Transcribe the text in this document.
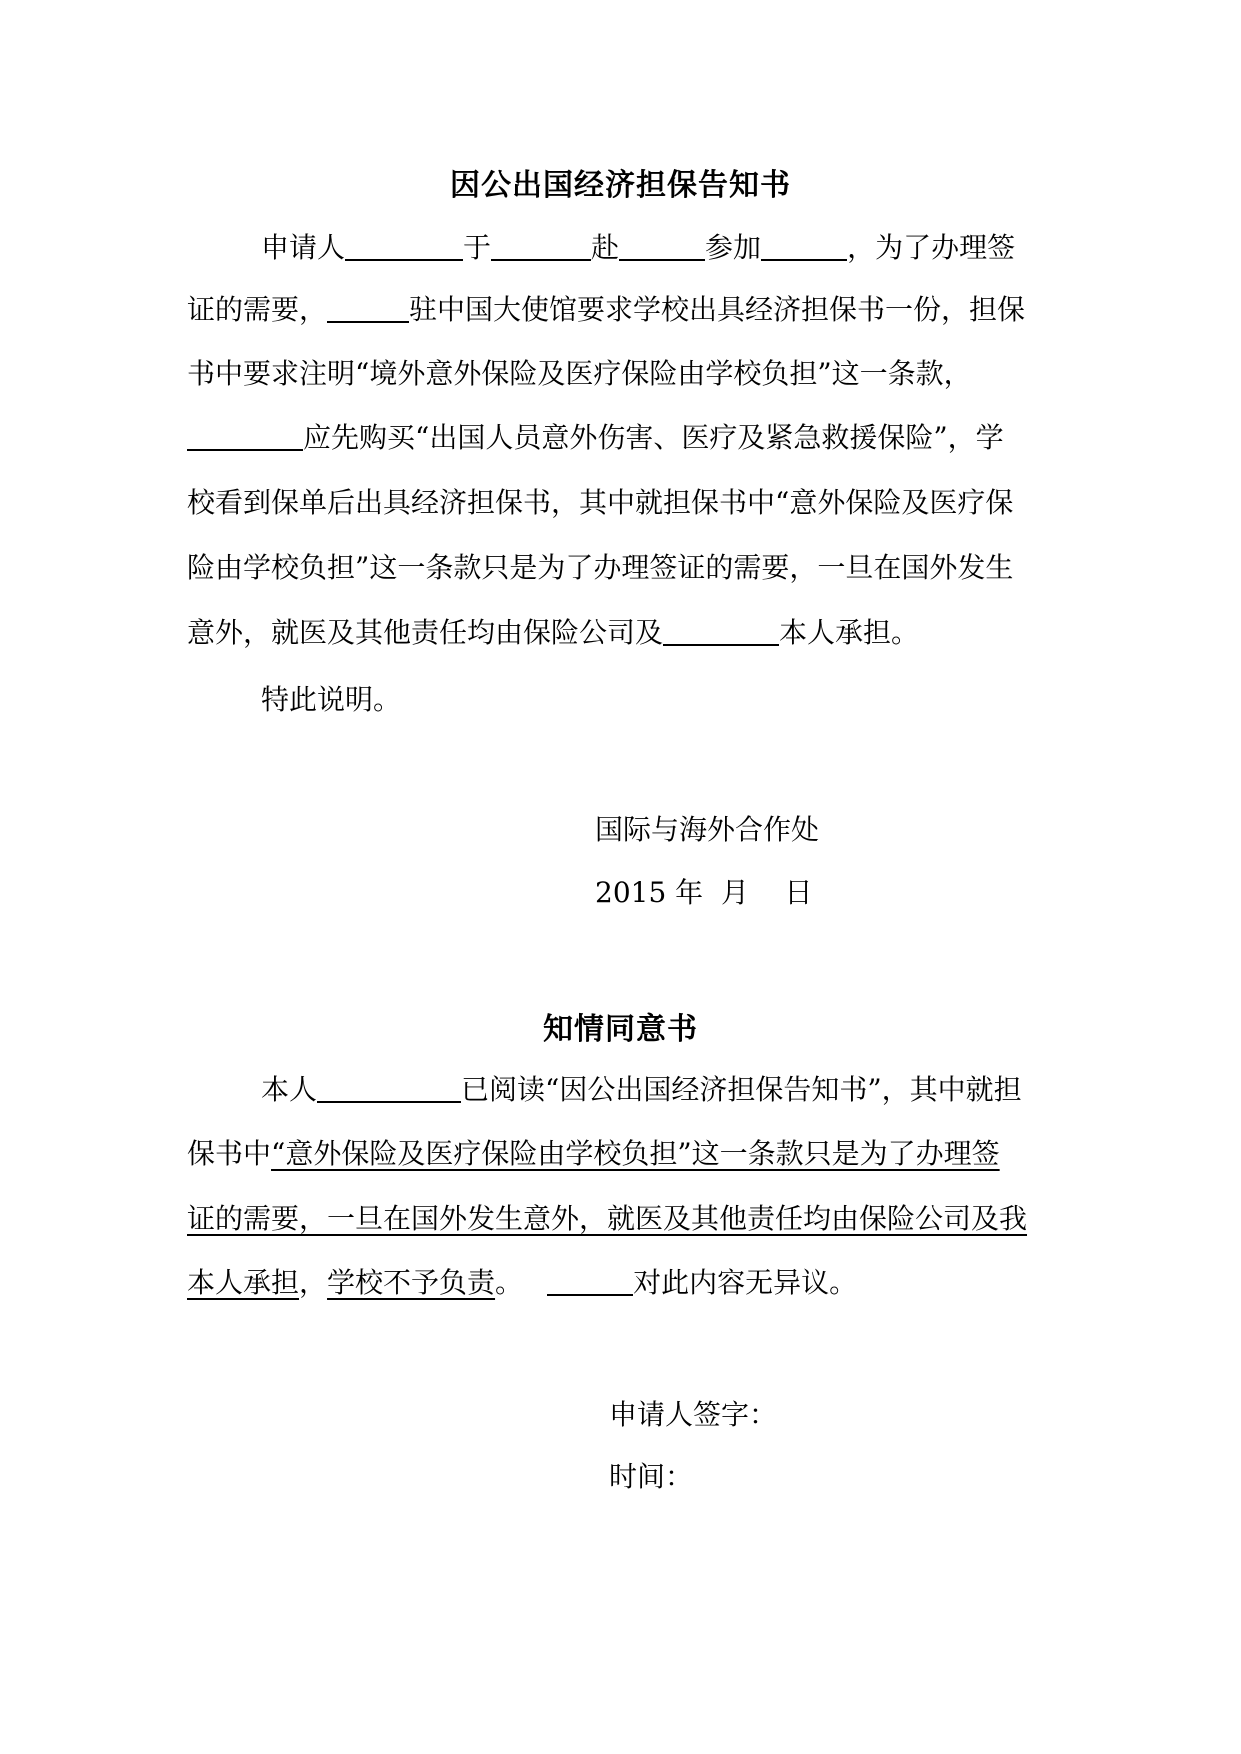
因公出国经济担保告知书
申请人	于	赴	参加	，为了办理签
证的需要，	驻中国大使馆要求学校出具经济担保书一份，担保
书中要求注明“境外意外保险及医疗保险由学校负担”这一条款，
应先购买“出国人员意外伤害、医疗及紧急救援保险”，学
校看到保单后出具经济担保书，其中就担保书中“意外保险及医疗保
险由学校负担”这一条款只是为了办理签证的需要，一旦在国外发生
意外，就医及其他责任均由保险公司及	本人承担。
特此说明。
国际与海外合作处
2015 年  月    日
知情同意书
本人	已阅读“因公出国经济担保告知书”，其中就担
保书中“意外保险及医疗保险由学校负担”这一条款只是为了办理签
证的需要，一旦在国外发生意外，就医及其他责任均由保险公司及我
本人承担，学校不予负责。	对此内容无异议。
申请人签字：
时间：
